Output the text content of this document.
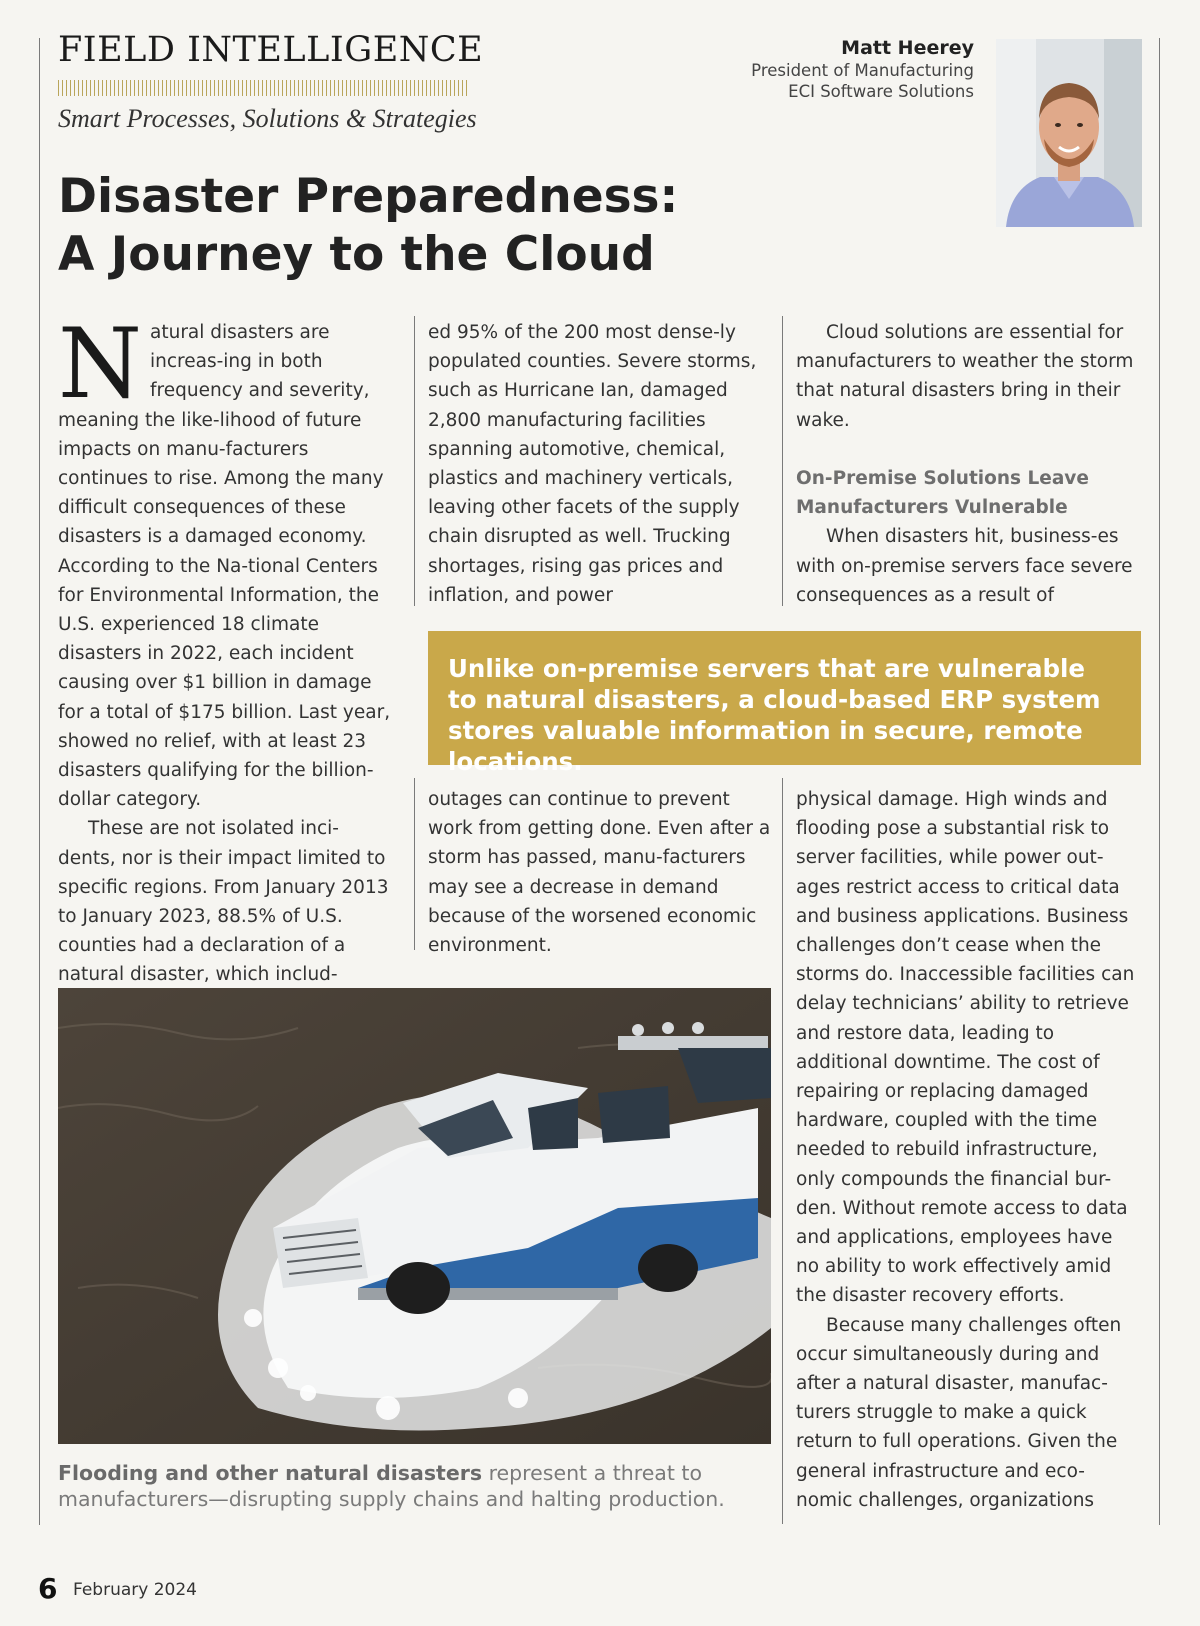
FIELD INTELLIGENCE
Smart Processes, Solutions & Strategies
Matt Heerey
President of Manufacturing
ECI Software Solutions
Disaster Preparedness:
A Journey to the Cloud

Natural disasters are increas-ing in both frequency and severity, meaning the like-lihood of future impacts on manu-facturers continues to rise. Among the many difficult consequences of these disasters is a damaged economy. According to the Na-tional Centers for Environmental Information, the U.S. experienced 18 climate disasters in 2022, each incident causing over $1 billion in damage for a total of $175 billion. Last year, showed no relief, with at least 23 disasters qualifying for the billion-dollar category.

These are not isolated inci-dents, nor is their impact limited to specific regions. From January 2013 to January 2023, 88.5% of U.S. counties had a declaration of a natural disaster, which includ-

ed 95% of the 200 most dense-ly populated counties. Severe storms, such as Hurricane Ian, damaged 2,800 manufacturing facilities spanning automotive, chemical, plastics and machinery verticals, leaving other facets of the supply chain disrupted as well. Trucking shortages, rising gas prices and inflation, and power

Cloud solutions are essential for manufacturers to weather the storm that natural disasters bring in their wake.

On-Premise Solutions Leave Manufacturers Vulnerable

When disasters hit, business-es with on-premise servers face severe consequences as a result of

Unlike on-premise servers that are vulnerable to natural disasters, a cloud-based ERP system stores valuable information in secure, remote locations.

outages can continue to prevent work from getting done. Even after a storm has passed, manu-facturers may see a decrease in demand because of the worsened economic environment.

physical damage. High winds and flooding pose a substantial risk to server facilities, while power out-ages restrict access to critical data and business applications. Business challenges don’t cease when the storms do. Inaccessible facilities can delay technicians’ ability to retrieve and restore data, leading to additional downtime. The cost of repairing or replacing damaged hardware, coupled with the time needed to rebuild infrastructure, only compounds the financial bur-den. Without remote access to data and applications, employees have no ability to work effectively amid the disaster recovery efforts.

Because many challenges often occur simultaneously during and after a natural disaster, manufac-turers struggle to make a quick return to full operations. Given the general infrastructure and eco-nomic challenges, organizations

Flooding and other natural disasters represent a threat to manufacturers—disrupting supply chains and halting production.

6 February 2024
